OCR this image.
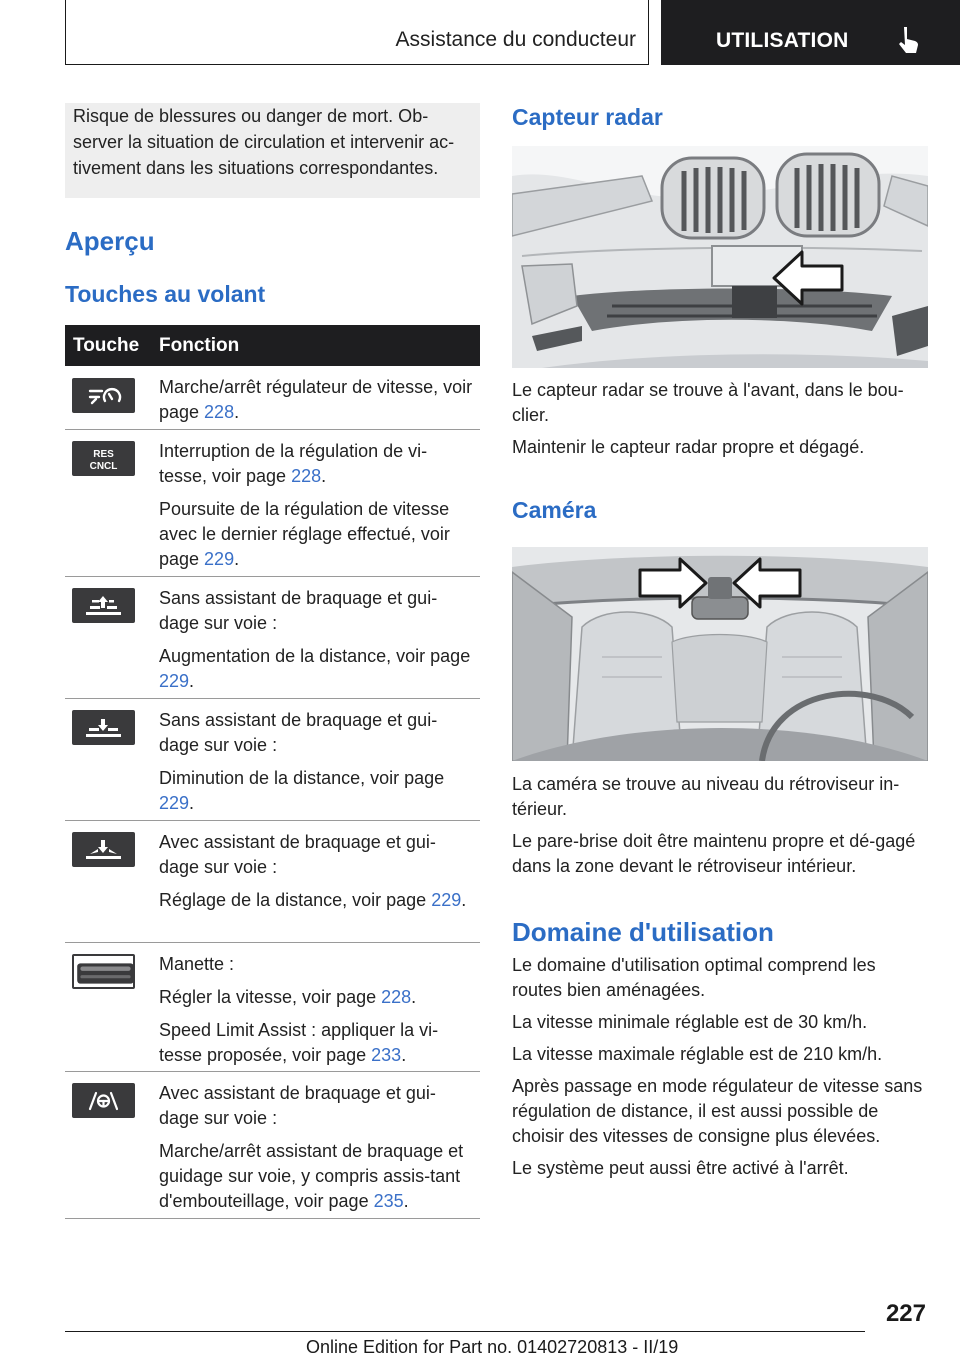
Assistance du conducteur	UTILISATION
Risque de blessures ou danger de mort. Ob-server la situation de circulation et intervenir ac-tivement dans les situations correspondantes.
Aperçu
Touches au volant
Touche Fonction

Marche/arrêt régulateur de vitesse, voir page 228.

RES
CNCL

Interruption de la régulation de vi-tesse, voir page 228.

Poursuite de la régulation de vitesse avec le dernier réglage effectué, voir page 229.

Sans assistant de braquage et gui-dage sur voie :

Augmentation de la distance, voir page 229.

Sans assistant de braquage et gui-dage sur voie :

Diminution de la distance, voir page 229.

Avec assistant de braquage et gui-dage sur voie :

Réglage de la distance, voir page 229.

Manette :

Régler la vitesse, voir page 228.

Speed Limit Assist : appliquer la vi-tesse proposée, voir page 233.

Avec assistant de braquage et gui-dage sur voie :

Marche/arrêt assistant de braquage et guidage sur voie, y compris assis-tant d'embouteillage, voir page 235.

Capteur radar

Le capteur radar se trouve à l'avant, dans le bou-clier.

Maintenir le capteur radar propre et dégagé.

Caméra

La caméra se trouve au niveau du rétroviseur in-térieur.

Le pare-brise doit être maintenu propre et dé-gagé dans la zone devant le rétroviseur intérieur.

Domaine d'utilisation

Le domaine d'utilisation optimal comprend les routes bien aménagées.

La vitesse minimale réglable est de 30 km/h.

La vitesse maximale réglable est de 210 km/h.

Après passage en mode régulateur de vitesse sans régulation de distance, il est aussi possible de choisir des vitesses de consigne plus élevées.

Le système peut aussi être activé à l'arrêt.

227
Online Edition for Part no. 01402720813 - II/19
